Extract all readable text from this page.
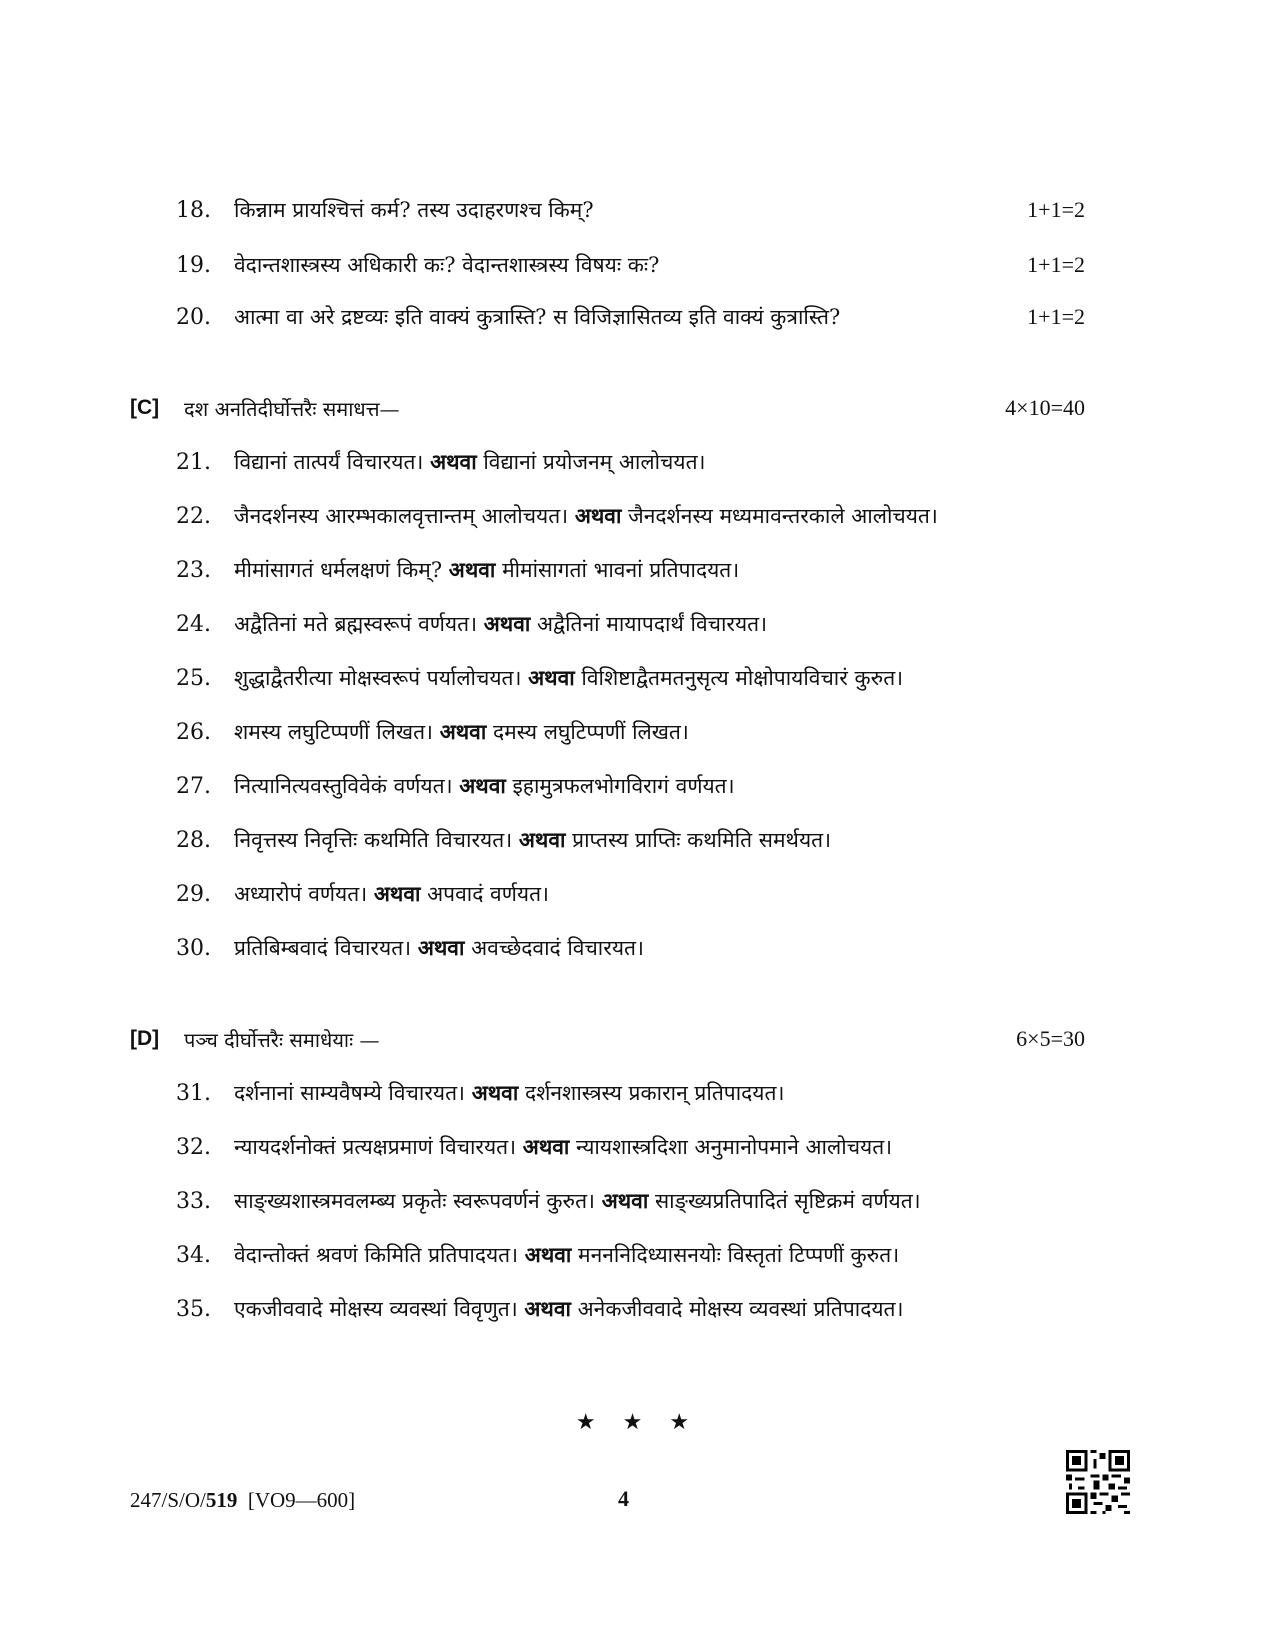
18.	किन्नाम प्रायश्चित्तं कर्म? तस्य उदाहरणश्च किम्?	1+1=2
19.	वेदान्तशास्त्रस्य अधिकारी कः? वेदान्तशास्त्रस्य विषयः कः?	1+1=2
20.	आत्मा वा अरे द्रष्टव्यः इति वाक्यं कुत्रास्ति? स विजिज्ञासितव्य इति वाक्यं कुत्रास्ति?	1+1=2
[C]	दश अनतिदीर्घोत्तरैः समाधत्त—	4×10=40
21.	विद्यानां तात्पर्यं विचारयत। अथवा विद्यानां प्रयोजनम् आलोचयत।
22.	जैनदर्शनस्य आरम्भकालवृत्तान्तम् आलोचयत। अथवा जैनदर्शनस्य मध्यमावन्तरकाले आलोचयत।
23.	मीमांसागतं धर्मलक्षणं किम्? अथवा मीमांसागतां भावनां प्रतिपादयत।
24.	अद्वैतिनां मते ब्रह्मस्वरूपं वर्णयत। अथवा अद्वैतिनां मायापदार्थं विचारयत।
25.	शुद्धाद्वैतरीत्या मोक्षस्वरूपं पर्यालोचयत। अथवा विशिष्टाद्वैतमतनुसृत्य मोक्षोपायविचारं कुरुत।
26.	शमस्य लघुटिप्पणीं लिखत। अथवा दमस्य लघुटिप्पणीं लिखत।
27.	नित्यानित्यवस्तुविवेकं वर्णयत। अथवा इहामुत्रफलभोगविरागं वर्णयत।
28.	निवृत्तस्य निवृत्तिः कथमिति विचारयत। अथवा प्राप्तस्य प्राप्तिः कथमिति समर्थयत।
29.	अध्यारोपं वर्णयत। अथवा अपवादं वर्णयत।
30.	प्रतिबिम्बवादं विचारयत। अथवा अवच्छेदवादं विचारयत।
[D]	पञ्च दीर्घोत्तरैः समाधेयाः —	6×5=30
31.	दर्शनानां साम्यवैषम्ये विचारयत। अथवा दर्शनशास्त्रस्य प्रकारान् प्रतिपादयत।
32.	न्यायदर्शनोक्तं प्रत्यक्षप्रमाणं विचारयत। अथवा न्यायशास्त्रदिशा अनुमानोपमाने आलोचयत।
33.	साङ्ख्यशास्त्रमवलम्ब्य प्रकृतेः स्वरूपवर्णनं कुरुत। अथवा साङ्ख्यप्रतिपादितं सृष्टिक्रमं वर्णयत।
34.	वेदान्तोक्तं श्रवणं किमिति प्रतिपादयत। अथवा मनननिदिध्यासनयोः विस्तृतां टिप्पणीं कुरुत।
35.	एकजीववादे मोक्षस्य व्यवस्थां विवृणुत। अथवा अनेकजीववादे मोक्षस्य व्यवस्थां प्रतिपादयत।
★ ★ ★
247/S/O/519 [VO9—600]	4
